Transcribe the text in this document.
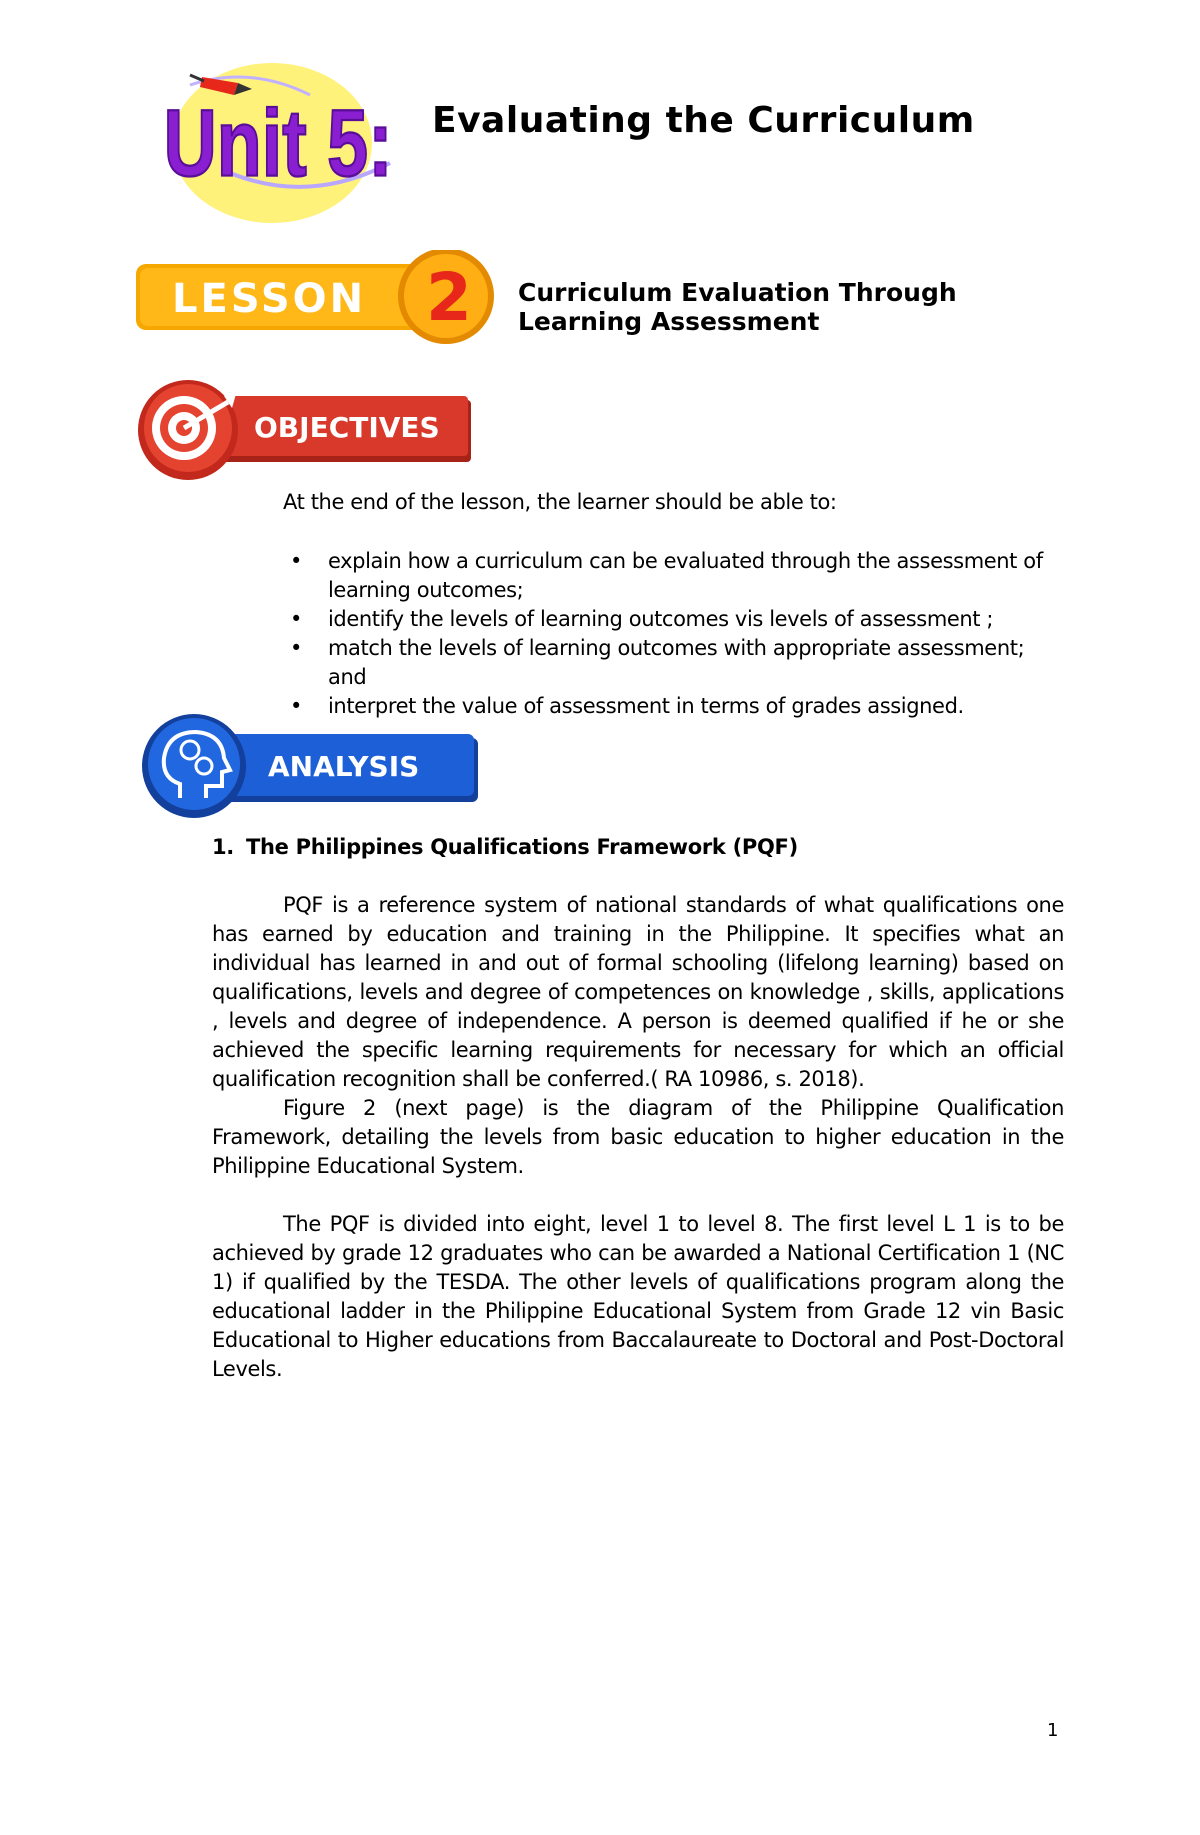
Unit 5: Evaluating the Curriculum
LESSON 2 Curriculum Evaluation Through Learning Assessment
OBJECTIVES
At the end of the lesson, the learner should be able to:
• explain how a curriculum can be evaluated through the assessment of learning outcomes;
• identify the levels of learning outcomes vis levels of assessment ;
• match the levels of learning outcomes with appropriate assessment; and
• interpret the value of assessment in terms of grades assigned.
ANALYSIS
1. The Philippines Qualifications Framework (PQF)

PQF is a reference system of national standards of what qualifications one has earned by education and training in the Philippine. It specifies what an individual has learned in and out of formal schooling (lifelong learning) based on qualifications, levels and degree of competences on knowledge , skills, applications , levels and degree of independence. A person is deemed qualified if he or she achieved the specific learning requirements for necessary for which an official qualification recognition shall be conferred.( RA 10986, s. 2018).

Figure 2 (next page) is the diagram of the Philippine Qualification Framework, detailing the levels from basic education to higher education in the Philippine Educational System.

The PQF is divided into eight, level 1 to level 8. The first level L 1 is to be achieved by grade 12 graduates who can be awarded a National Certification 1 (NC 1) if qualified by the TESDA. The other levels of qualifications program along the educational ladder in the Philippine Educational System from Grade 12 vin Basic Educational to Higher educations from Baccalaureate to Doctoral and Post-Doctoral Levels.

1
